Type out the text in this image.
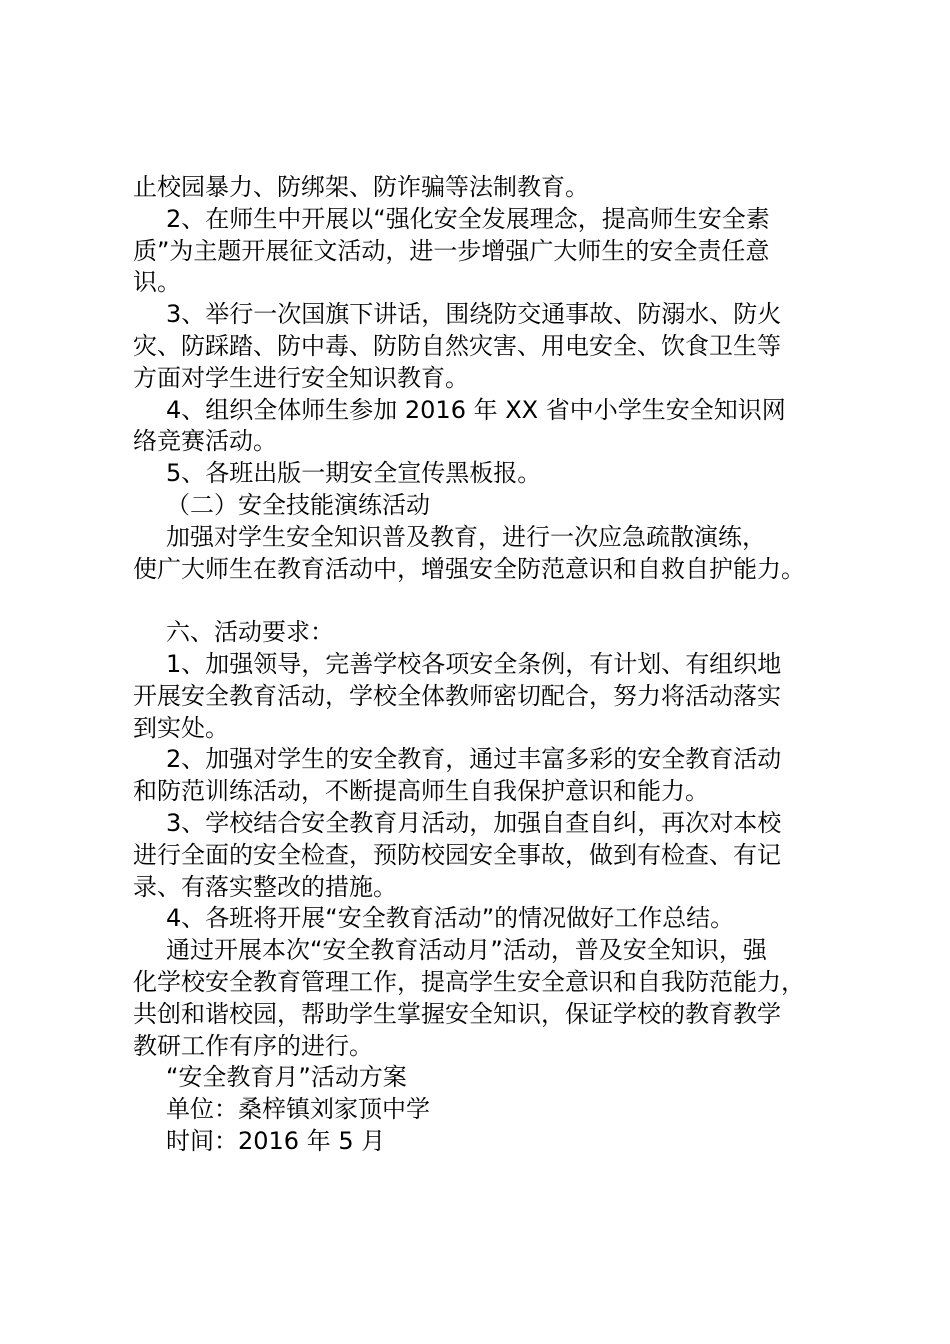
止校园暴力、防绑架、防诈骗等法制教育。

2、在师生中开展以“强化安全发展理念，提高师生安全素

质”为主题开展征文活动，进一步增强广大师生的安全责任意

识。

3、举行一次国旗下讲话，围绕防交通事故、防溺水、防火

灾、防踩踏、防中毒、防防自然灾害、用电安全、饮食卫生等

方面对学生进行安全知识教育。

4、组织全体师生参加 2016 年 XX 省中小学生安全知识网

络竞赛活动。

5、各班出版一期安全宣传黑板报。

（二）安全技能演练活动

加强对学生安全知识普及教育，进行一次应急疏散演练，

使广大师生在教育活动中，增强安全防范意识和自救自护能力。

六、活动要求：

1、加强领导，完善学校各项安全条例，有计划、有组织地

开展安全教育活动，学校全体教师密切配合，努力将活动落实

到实处。

2、加强对学生的安全教育，通过丰富多彩的安全教育活动

和防范训练活动，不断提高师生自我保护意识和能力。

3、学校结合安全教育月活动，加强自查自纠，再次对本校

进行全面的安全检查，预防校园安全事故，做到有检查、有记

录、有落实整改的措施。

4、各班将开展“安全教育活动”的情况做好工作总结。

通过开展本次“安全教育活动月”活动，普及安全知识，强

化学校安全教育管理工作，提高学生安全意识和自我防范能力，

共创和谐校园，帮助学生掌握安全知识，保证学校的教育教学

教研工作有序的进行。

“安全教育月”活动方案

单位：桑梓镇刘家顶中学

时间：2016 年 5 月
